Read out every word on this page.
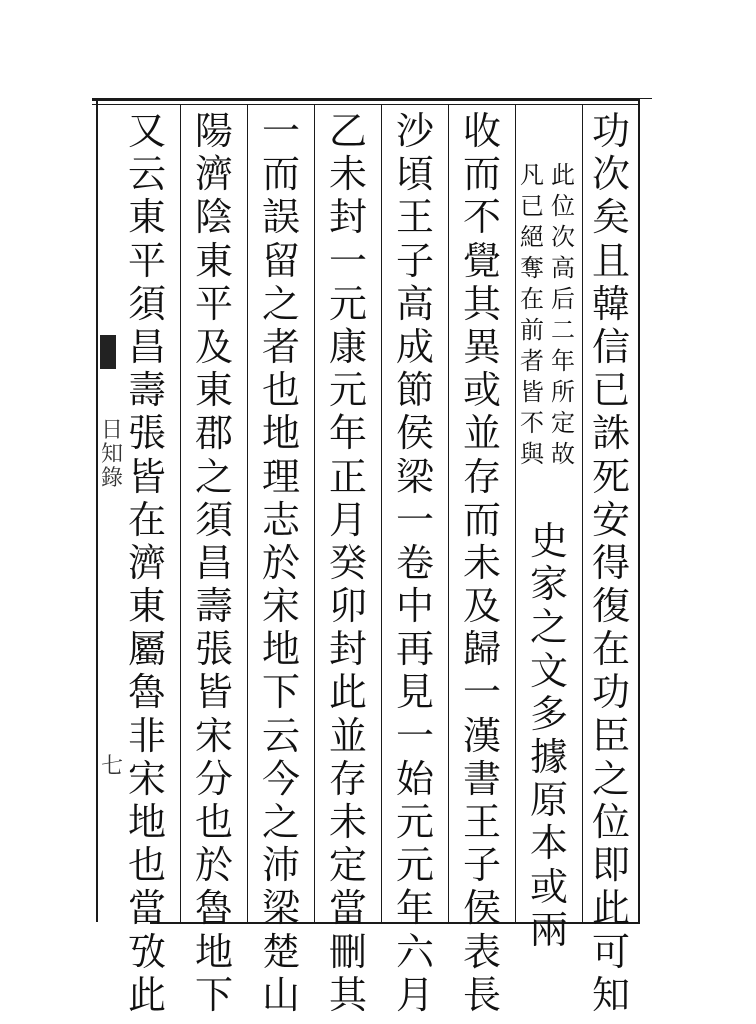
日
知
錄
七
功
次
矣
且
韓
信
已
誅
死
安
得
復
在
功
臣
之
位
即
此
可
知
此
位
次
高
后
二
年
所
定
故
凡
已
絕
奪
在
前
者
皆
不
與
史
家
之
文
多
據
原
本
或
兩
收
而
不
覺
其
異
或
並
存
而
未
及
歸
一
漢
書
王
子
侯
表
長
沙
頃
王
子
高
成
節
侯
梁
一
卷
中
再
見
一
始
元
元
年
六
月
乙
未
封
一
元
康
元
年
正
月
癸
卯
封
此
並
存
未
定
當
刪
其
一
而
誤
留
之
者
也
地
理
志
於
宋
地
下
云
今
之
沛
梁
楚
山
陽
濟
陰
東
平
及
東
郡
之
須
昌
壽
張
皆
宋
分
也
於
魯
地
下
又
云
東
平
須
昌
壽
張
皆
在
濟
東
屬
魯
非
宋
地
也
當
攷
此
